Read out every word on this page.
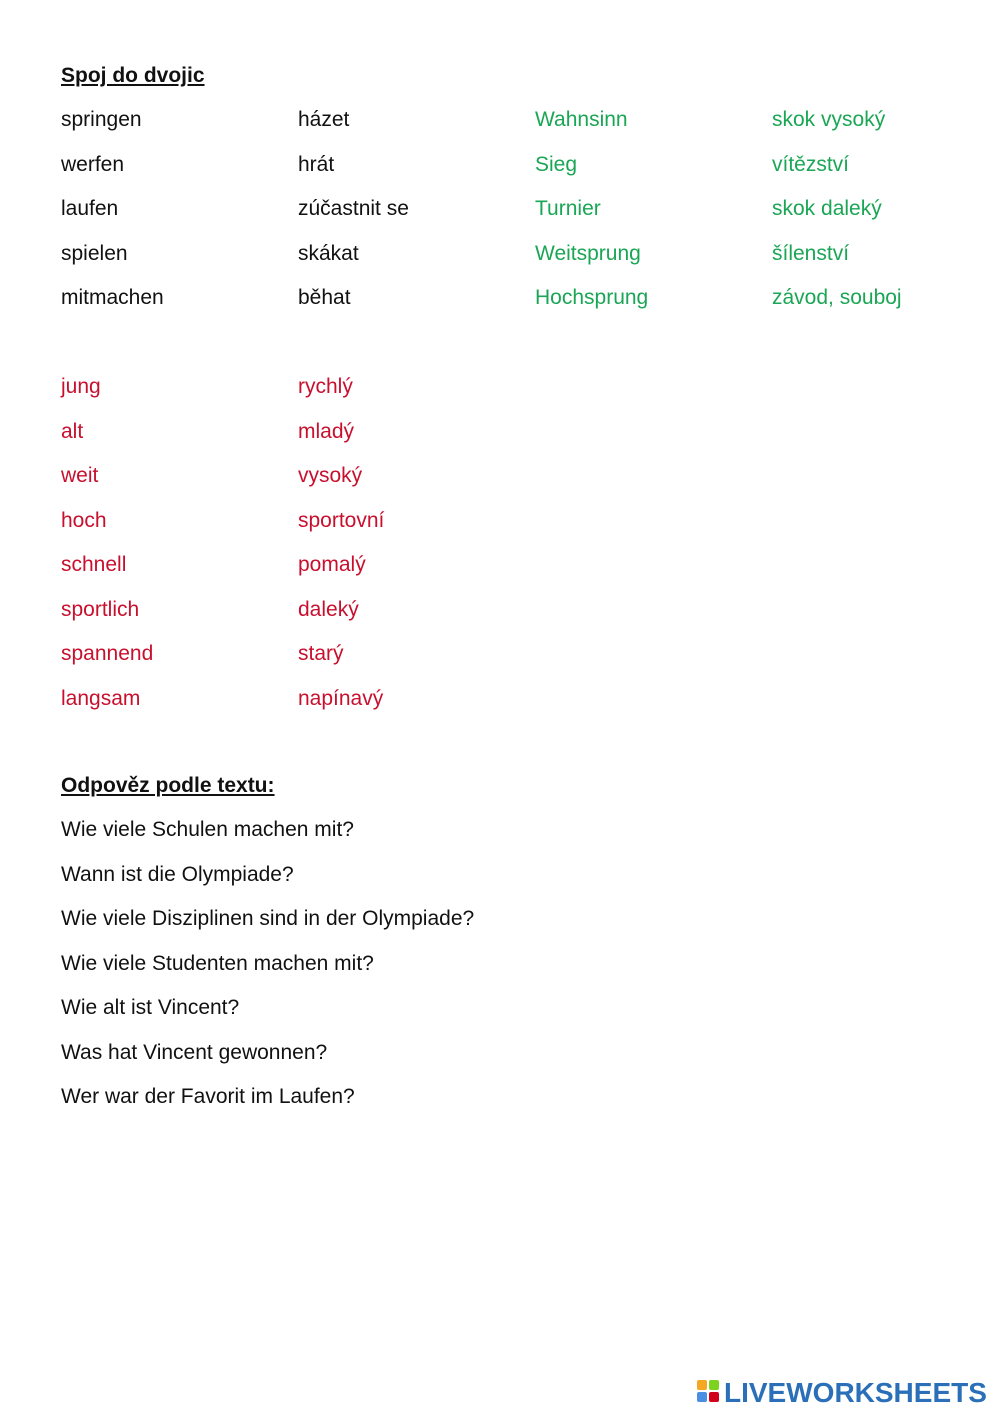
Spoj do dvojic
springen	házet	Wahnsinn	skok vysoký
werfen	hrát	Sieg	vítězství
laufen	zúčastnit se	Turnier	skok daleký
spielen	skákat	Weitsprung	šílenství
mitmachen	běhat	Hochsprung	závod, souboj
jung	rychlý
alt	mladý
weit	vysoký
hoch	sportovní
schnell	pomalý
sportlich	daleký
spannend	starý
langsam	napínavý
Odpověz podle textu:
Wie viele Schulen machen mit?
Wann ist die Olympiade?
Wie viele Disziplinen sind in der Olympiade?
Wie viele Studenten machen mit?
Wie alt ist Vincent?
Was hat Vincent gewonnen?
Wer war der Favorit im Laufen?
LIVEWORKSHEETS
